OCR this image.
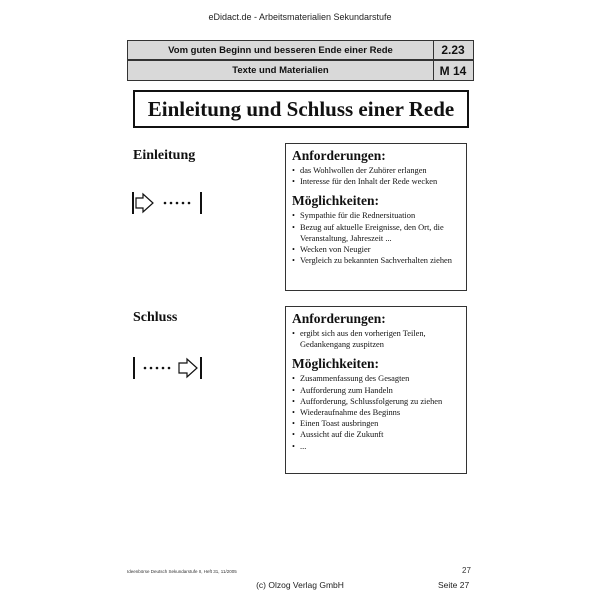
eDidact.de - Arbeitsmaterialien Sekundarstufe
Vom guten Beginn und besseren Ende einer Rede	2.23
Texte und Materialien	M 14
Einleitung und Schluss einer Rede
Einleitung	Anforderungen:
• das Wohlwollen der Zuhörer erlangen
• Interesse für den Inhalt der Rede wecken
Möglichkeiten:
• Sympathie für die Rednersituation
• Bezug auf aktuelle Ereignisse, den Ort, die Veranstaltung, Jahreszeit ...
• Wecken von Neugier
• Vergleich zu bekannten Sachverhalten ziehen
Schluss	Anforderungen:
• ergibt sich aus den vorherigen Teilen, Gedankengang zuspitzen
Möglichkeiten:
• Zusammenfassung des Gesagten
• Aufforderung zum Handeln
• Aufforderung, Schlussfolgerung zu ziehen
• Wiederaufnahme des Beginns
• Einen Toast ausbringen
• Aussicht auf die Zukunft
• ...
Ideenbörse Deutsch Sekundarstufe II, Heft 31, 11/2005	27
(c) Olzog Verlag GmbH	Seite 27
